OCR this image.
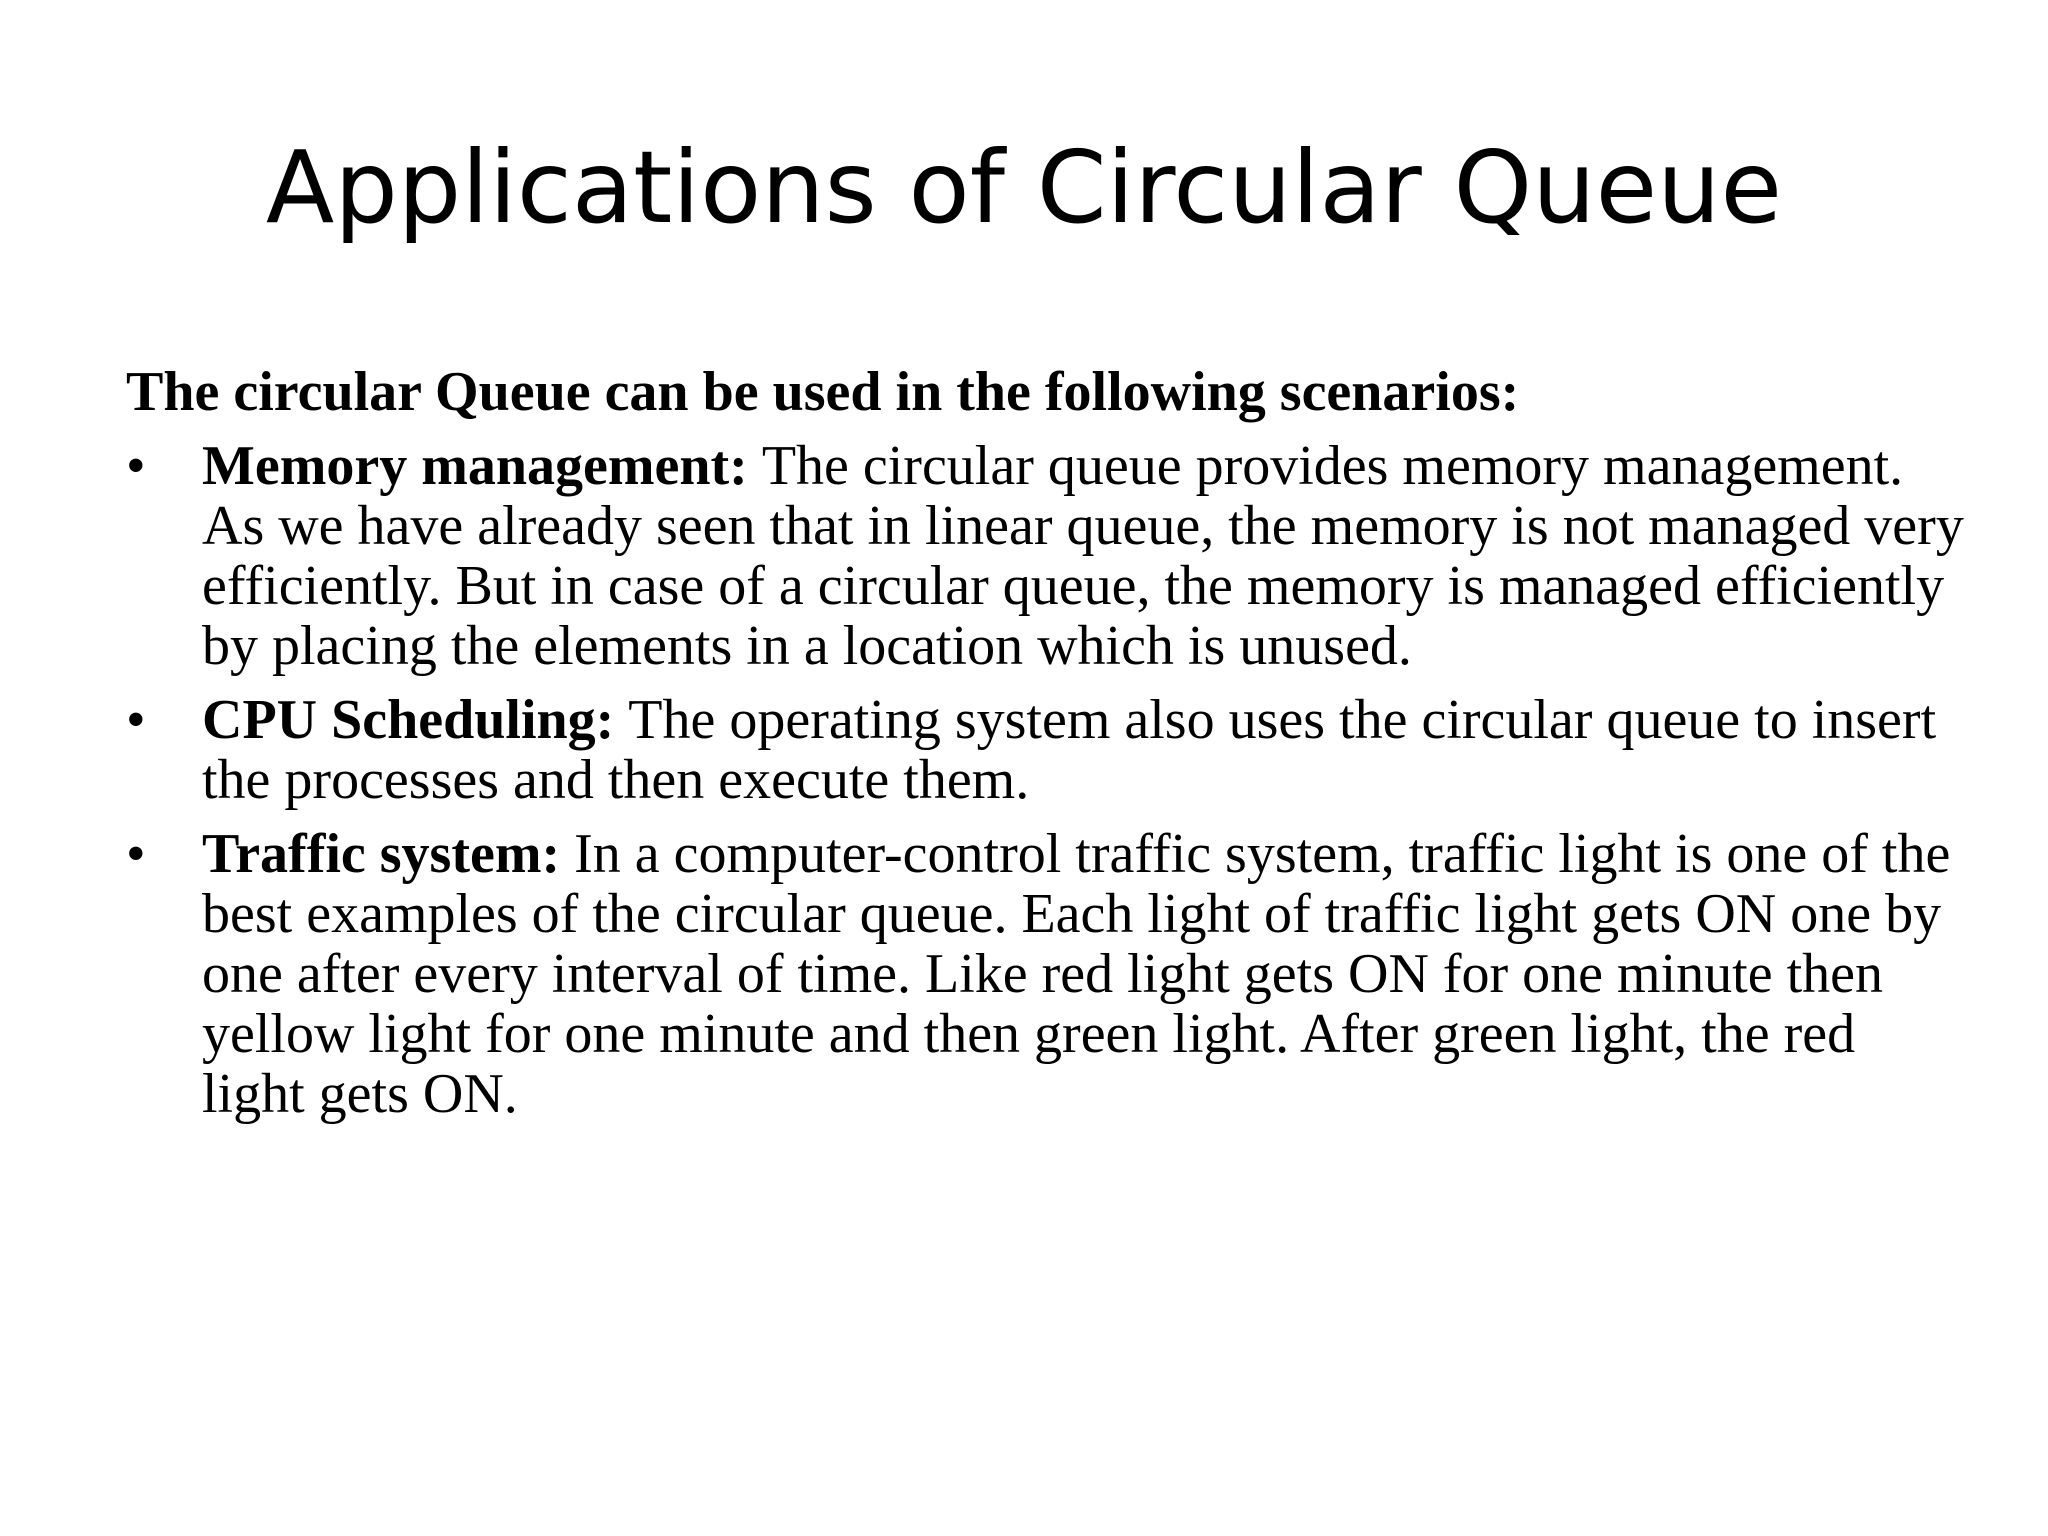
Applications of Circular Queue

The circular Queue can be used in the following scenarios:

•	Memory management: The circular queue provides memory management. As we have already seen that in linear queue, the memory is not managed very efficiently. But in case of a circular queue, the memory is managed efficiently by placing the elements in a location which is unused.
•	CPU Scheduling: The operating system also uses the circular queue to insert the processes and then execute them.
•	Traffic system: In a computer-control traffic system, traffic light is one of the best examples of the circular queue. Each light of traffic light gets ON one by one after every interval of time. Like red light gets ON for one minute then yellow light for one minute and then green light. After green light, the red light gets ON.
